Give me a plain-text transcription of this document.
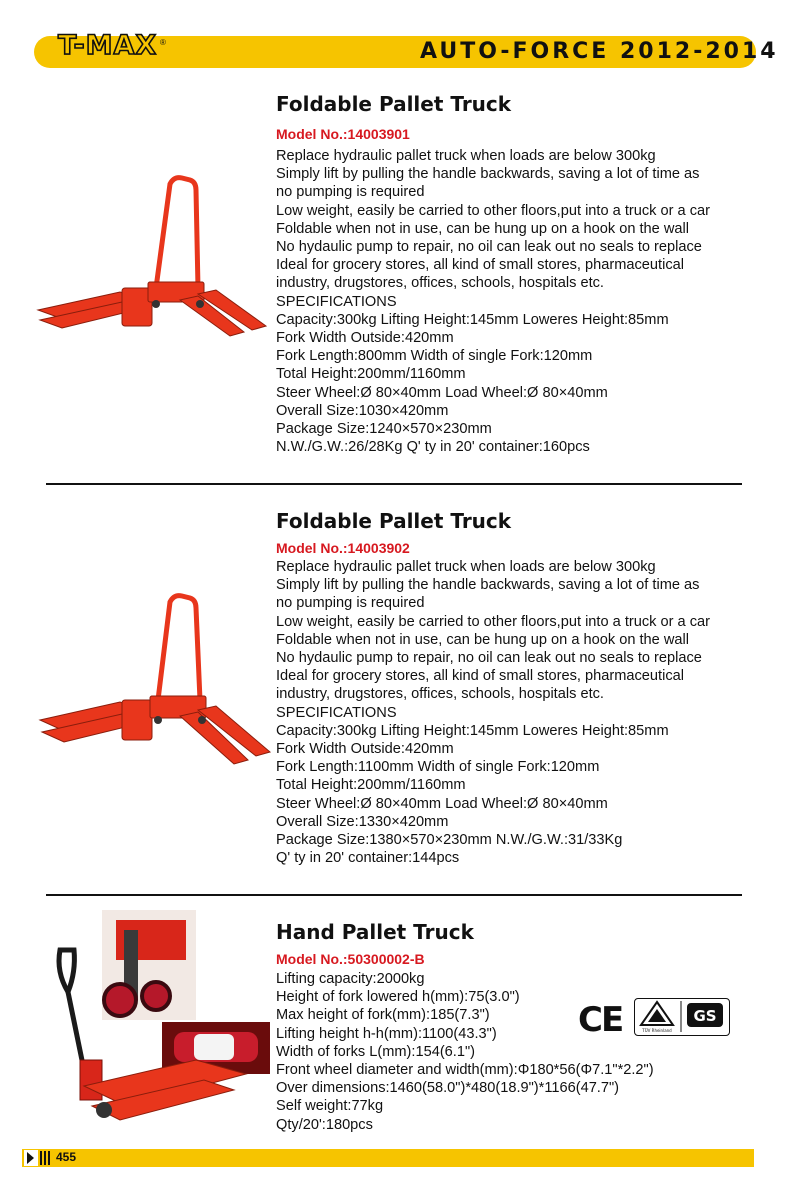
T-MAX ®	AUTO-FORCE 2012-2014
Foldable Pallet Truck
Model No.:14003901
Replace hydraulic pallet truck when loads are below 300kg
Simply lift by pulling the handle backwards, saving a lot of time as
no pumping is required
Low weight, easily be carried to other floors,put into a truck or a car
Foldable when not in use, can be hung up on a hook on the wall
No hydaulic pump to repair, no oil can leak out no seals to replace
Ideal for grocery stores, all kind of small stores, pharmaceutical
industry, drugstores, offices, schools, hospitals etc.
SPECIFICATIONS
Capacity:300kg Lifting Height:145mm Loweres Height:85mm
Fork Width Outside:420mm
Fork Length:800mm Width of single Fork:120mm
Total Height:200mm/1160mm
Steer Wheel:Ø 80×40mm Load Wheel:Ø 80×40mm
Overall Size:1030×420mm
Package Size:1240×570×230mm
N.W./G.W.:26/28Kg Q' ty in 20' container:160pcs
Foldable Pallet Truck
Model No.:14003902
Replace hydraulic pallet truck when loads are below 300kg
Simply lift by pulling the handle backwards, saving a lot of time as
no pumping is required
Low weight, easily be carried to other floors,put into a truck or a car
Foldable when not in use, can be hung up on a hook on the wall
No hydaulic pump to repair, no oil can leak out no seals to replace
Ideal for grocery stores, all kind of small stores, pharmaceutical
industry, drugstores, offices, schools, hospitals etc.
SPECIFICATIONS
Capacity:300kg Lifting Height:145mm Loweres Height:85mm
Fork Width Outside:420mm
Fork Length:1100mm Width of single Fork:120mm
Total Height:200mm/1160mm
Steer Wheel:Ø 80×40mm Load Wheel:Ø 80×40mm
Overall Size:1330×420mm
Package Size:1380×570×230mm N.W./G.W.:31/33Kg
Q' ty in 20' container:144pcs
Hand Pallet Truck
Model No.:50300002-B
Lifting capacity:2000kg
Height of fork lowered h(mm):75(3.0")
Max height of fork(mm):185(7.3")
Lifting height h-h(mm):1100(43.3")
Width of forks L(mm):154(6.1")
Front wheel diameter and width(mm):Φ180*56(Φ7.1"*2.2")
Over dimensions:1460(58.0")*480(18.9")*1166(47.7")
Self weight:77kg
Qty/20':180pcs
CE	GS
TÜV Rheinland
455
